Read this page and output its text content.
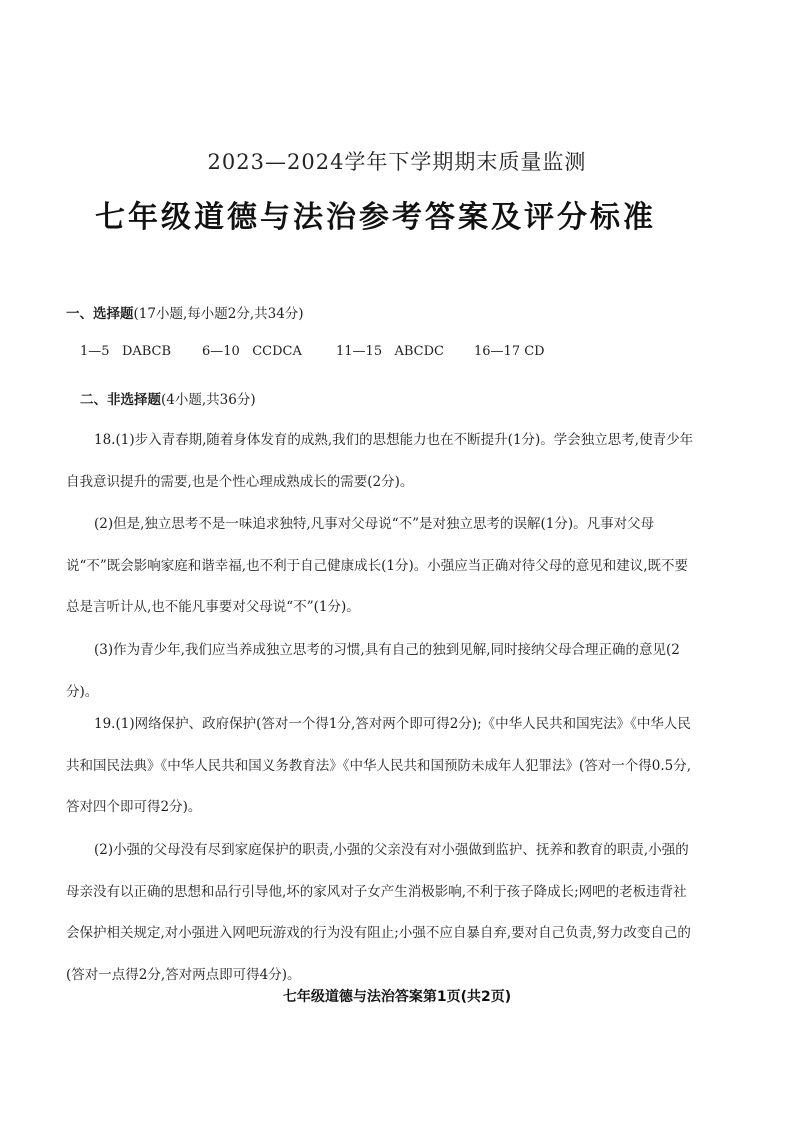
2023—2024学年下学期期末质量监测
七年级道德与法治参考答案及评分标准
一、选择题(17小题,每小题2分,共34分)
1—5 DABCB 6—10 CCDCA	11—15 ABCDC 16—17 CD
二、非选择题(4小题,共36分)
18.(1)步入青春期,随着身体发育的成熟,我们的思想能力也在不断提升(1分)。学会独立思考,使青少年自我意识提升的需要,也是个性心理成熟成长的需要(2分)。
(2)但是,独立思考不是一味追求独特,凡事对父母说“不”是对独立思考的误解(1分)。凡事对父母说“不”既会影响家庭和谐幸福,也不利于自己健康成长(1分)。小强应当正确对待父母的意见和建议,既不要总是言听计从,也不能凡事要对父母说“不”(1分)。
(3)作为青少年,我们应当养成独立思考的习惯,具有自己的独到见解,同时接纳父母合理正确的意见(2分)。
19.(1)网络保护、政府保护(答对一个得1分,答对两个即可得2分);《中华人民共和国宪法》《中华人民共和国民法典》《中华人民共和国义务教育法》《中华人民共和国预防未成年人犯罪法》(答对一个得0.5分,答对四个即可得2分)。
(2)小强的父母没有尽到家庭保护的职责,小强的父亲没有对小强做到监护、抚养和教育的职责,小强的母亲没有以正确的思想和品行引导他,坏的家风对子女产生消极影响,不利于孩子降成长;网吧的老板违背社会保护相关规定,对小强进入网吧玩游戏的行为没有阻止;小强不应自暴自弃,要对自己负责,努力改变自己的(答对一点得2分,答对两点即可得4分)。
七年级道德与法治答案第1页(共2页)
